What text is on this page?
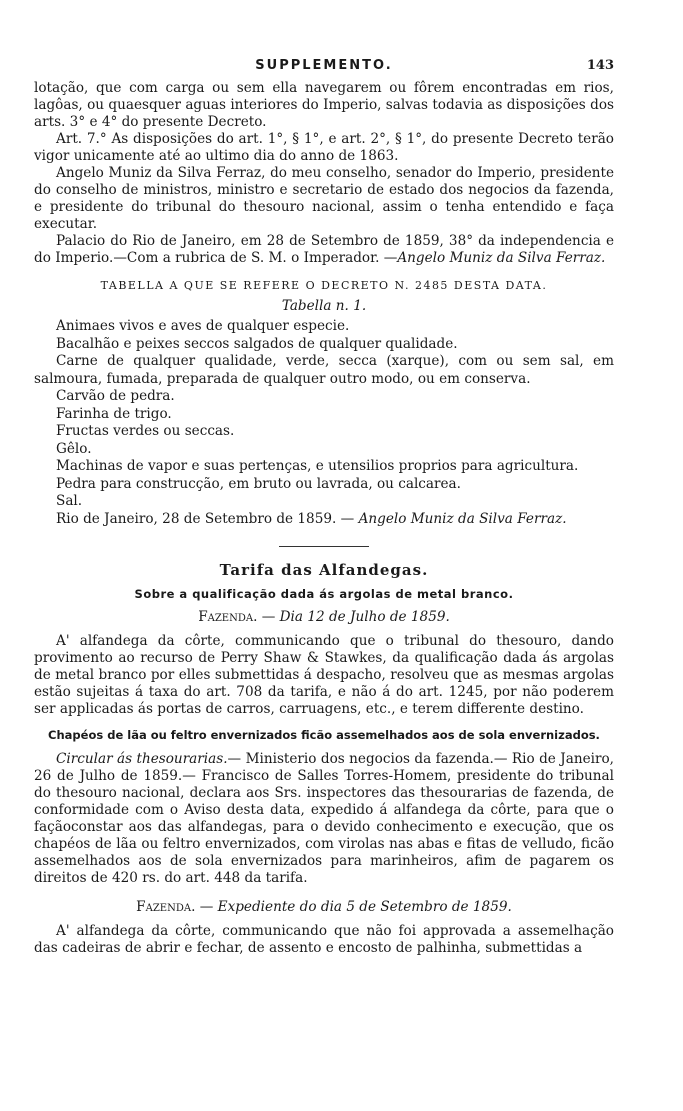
SUPPLEMENTO.	143

lotação, que com carga ou sem ella navegarem ou fôrem encontradas em rios, lagôas, ou quaesquer aguas interiores do Imperio, salvas todavia as disposições dos arts. 3° e 4° do presente Decreto.

Art. 7.° As disposições do art. 1°, § 1°, e art. 2°, § 1°, do presente Decreto terão vigor unicamente até ao ultimo dia do anno de 1863.

Angelo Muniz da Silva Ferraz, do meu conselho, senador do Imperio, presidente do conselho de ministros, ministro e secretario de estado dos negocios da fazenda, e presidente do tribunal do thesouro nacional, assim o tenha entendido e faça executar.

Palacio do Rio de Janeiro, em 28 de Setembro de 1859, 38° da independencia e do Imperio.—Com a rubrica de S. M. o Imperador. —Angelo Muniz da Silva Ferraz.

TABELLA A QUE SE REFERE O DECRETO N. 2485 DESTA DATA.
Tabella n. 1.

Animaes vivos e aves de qualquer especie.

Bacalhão e peixes seccos salgados de qualquer qualidade.

Carne de qualquer qualidade, verde, secca (xarque), com ou sem sal, em salmoura, fumada, preparada de qualquer outro modo, ou em conserva.

Carvão de pedra.

Farinha de trigo.

Fructas verdes ou seccas.

Gêlo.

Machinas de vapor e suas pertenças, e utensilios proprios para agricultura.

Pedra para construcção, em bruto ou lavrada, ou calcarea.

Sal.

Rio de Janeiro, 28 de Setembro de 1859. — Angelo Muniz da Silva Ferraz.

Tarifa das Alfandegas.
Sobre a qualificação dada ás argolas de metal branco.
Fazenda. — Dia 12 de Julho de 1859.

A' alfandega da côrte, communicando que o tribunal do thesouro, dando provimento ao recurso de Perry Shaw & Stawkes, da qualificação dada ás argolas de metal branco por elles submettidas á despacho, resolveu que as mesmas argolas estão sujeitas á taxa do art. 708 da tarifa, e não á do art. 1245, por não poderem ser applicadas ás portas de carros, carruagens, etc., e terem differente destino.

Chapéos de lãa ou feltro envernizados ficão assemelhados aos de sola envernizados.

Circular ás thesourarias.— Ministerio dos negocios da fazenda.— Rio de Janeiro, 26 de Julho de 1859.— Francisco de Salles Torres-Homem, presidente do tribunal do thesouro nacional, declara aos Srs. inspectores das thesourarias de fazenda, de conformidade com o Aviso desta data, expedido á alfandega da côrte, para que o façãoconstar aos das alfandegas, para o devido conhecimento e execução, que os chapéos de lãa ou feltro envernizados, com virolas nas abas e fitas de velludo, ficão assemelhados aos de sola envernizados para marinheiros, afim de pagarem os direitos de 420 rs. do art. 448 da tarifa.

Fazenda. — Expediente do dia 5 de Setembro de 1859.

A' alfandega da côrte, communicando que não foi approvada a assemelhação das cadeiras de abrir e fechar, de assento e encosto de palhinha, submettidas a
